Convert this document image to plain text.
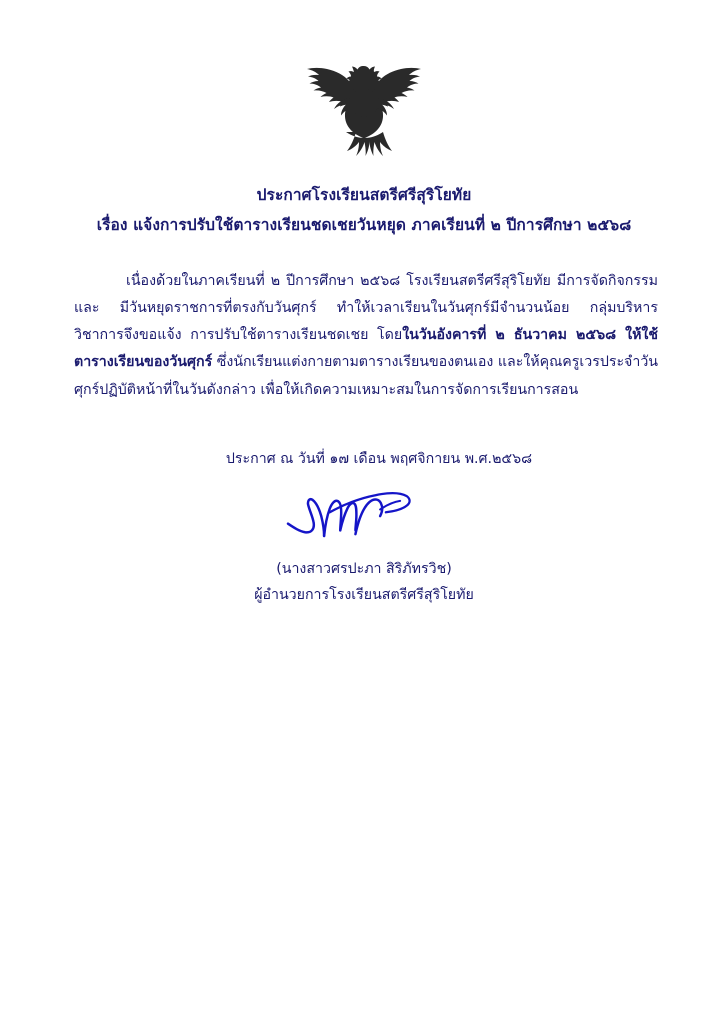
ประกาศโรงเรียนสตรีศรีสุริโยทัย
เรื่อง แจ้งการปรับใช้ตารางเรียนชดเชยวันหยุด ภาคเรียนที่ ๒ ปีการศึกษา ๒๕๖๘

เนื่องด้วยในภาคเรียนที่ ๒ ปีการศึกษา ๒๕๖๘ โรงเรียนสตรีศรีสุริโยทัย มีการจัดกิจกรรมและ มีวันหยุดราชการที่ตรงกับวันศุกร์ ทำให้เวลาเรียนในวันศุกร์มีจำนวนน้อย กลุ่มบริหารวิชาการจึงขอแจ้ง การปรับใช้ตารางเรียนชดเชย โดยในวันอังคารที่ ๒ ธันวาคม ๒๕๖๘ ให้ใช้ตารางเรียนของวันศุกร์ ซึ่งนักเรียนแต่งกายตามตารางเรียนของตนเอง และให้คุณครูเวรประจำวันศุกร์ปฏิบัติหน้าที่ในวันดังกล่าว เพื่อให้เกิดความเหมาะสมในการจัดการเรียนการสอน

ประกาศ ณ วันที่ ๑๗ เดือน พฤศจิกายน พ.ศ.๒๕๖๘
(นางสาวศรปะภา สิริภัทรวิช)
ผู้อำนวยการโรงเรียนสตรีศรีสุริโยทัย
